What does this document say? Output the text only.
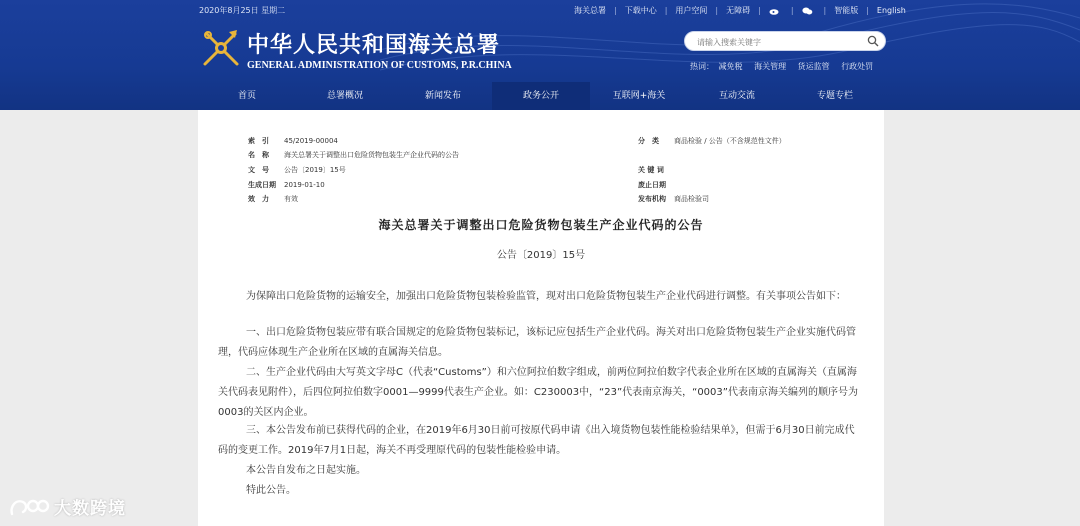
2020年8月25日 星期二	海关总署 | 下载中心 | 用户空间 | 无障碍 |	|	| 智能版 | English
中华人民共和国海关总署
GENERAL ADMINISTRATION OF CUSTOMS, P.R.CHINA
请输入搜索关键字	热词： 减免税 海关管理 货运监管 行政处罚
首页	总署概况	新闻发布	政务公开	互联网+海关	互动交流	专题专栏
索　引 45/2019-00004
名　称 海关总署关于调整出口危险货物包装生产企业代码的公告
文　号 公告〔2019〕15号
生成日期 2019-01-10
效　力 有效
分　类 商品检验 / 公告（不含规范性文件）
关 键 词
废止日期
发布机构 商品检验司
海关总署关于调整出口危险货物包装生产企业代码的公告
公告〔2019〕15号
为保障出口危险货物的运输安全，加强出口危险货物包装检验监管，现对出口危险货物包装生产企业代码进行调整。有关事项公告如下：
一、出口危险货物包装应带有联合国规定的危险货物包装标记，该标记应包括生产企业代码。海关对出口危险货物包装生产企业实施代码管理，代码应体现生产企业所在区域的直属海关信息。
二、生产企业代码由大写英文字母C（代表“Customs”）和六位阿拉伯数字组成，前两位阿拉伯数字代表企业所在区域的直属海关（直属海关代码表见附件），后四位阿拉伯数字0001—9999代表生产企业。如：C230003中，“23”代表南京海关，“0003”代表南京海关编列的顺序号为0003的关区内企业。
三、本公告发布前已获得代码的企业，在2019年6月30日前可按原代码申请《出入境货物包装性能检验结果单》，但需于6月30日前完成代码的变更工作。2019年7月1日起，海关不再受理原代码的包装性能检验申请。
本公告自发布之日起实施。
特此公告。
大数跨境
